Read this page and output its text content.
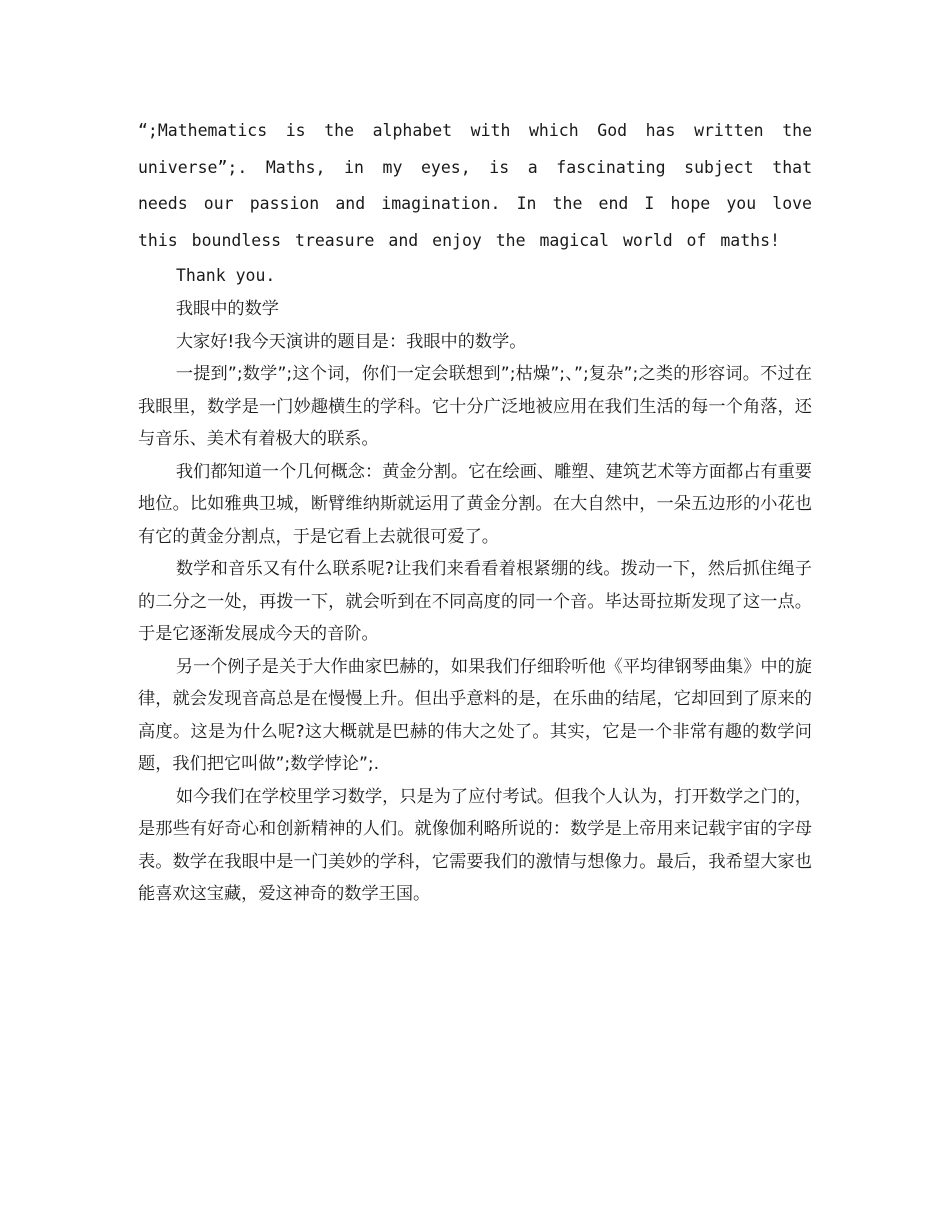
“;Mathematics is the alphabet with which God has written the universe”;. Maths, in my eyes, is a fascinating subject that needs our passion and imagination. In the end I hope you love this boundless treasure and enjoy the magical world of maths!

Thank you.

我眼中的数学

大家好!我今天演讲的题目是：我眼中的数学。

一提到”;数学”;这个词，你们一定会联想到”;枯燥”;、”;复杂”;之类的形容词。不过在我眼里，数学是一门妙趣横生的学科。它十分广泛地被应用在我们生活的每一个角落，还与音乐、美术有着极大的联系。

我们都知道一个几何概念：黄金分割。它在绘画、雕塑、建筑艺术等方面都占有重要地位。比如雅典卫城，断臂维纳斯就运用了黄金分割。在大自然中，一朵五边形的小花也有它的黄金分割点，于是它看上去就很可爱了。

数学和音乐又有什么联系呢?让我们来看看着根紧绷的线。拨动一下，然后抓住绳子的二分之一处，再拨一下，就会听到在不同高度的同一个音。毕达哥拉斯发现了这一点。于是它逐渐发展成今天的音阶。

另一个例子是关于大作曲家巴赫的，如果我们仔细聆听他《平均律钢琴曲集》中的旋律，就会发现音高总是在慢慢上升。但出乎意料的是，在乐曲的结尾，它却回到了原来的高度。这是为什么呢?这大概就是巴赫的伟大之处了。其实，它是一个非常有趣的数学问题，我们把它叫做”;数学悖论”;.

如今我们在学校里学习数学，只是为了应付考试。但我个人认为，打开数学之门的，是那些有好奇心和创新精神的人们。就像伽利略所说的：数学是上帝用来记载宇宙的字母表。数学在我眼中是一门美妙的学科，它需要我们的激情与想像力。最后，我希望大家也能喜欢这宝藏，爱这神奇的数学王国。
